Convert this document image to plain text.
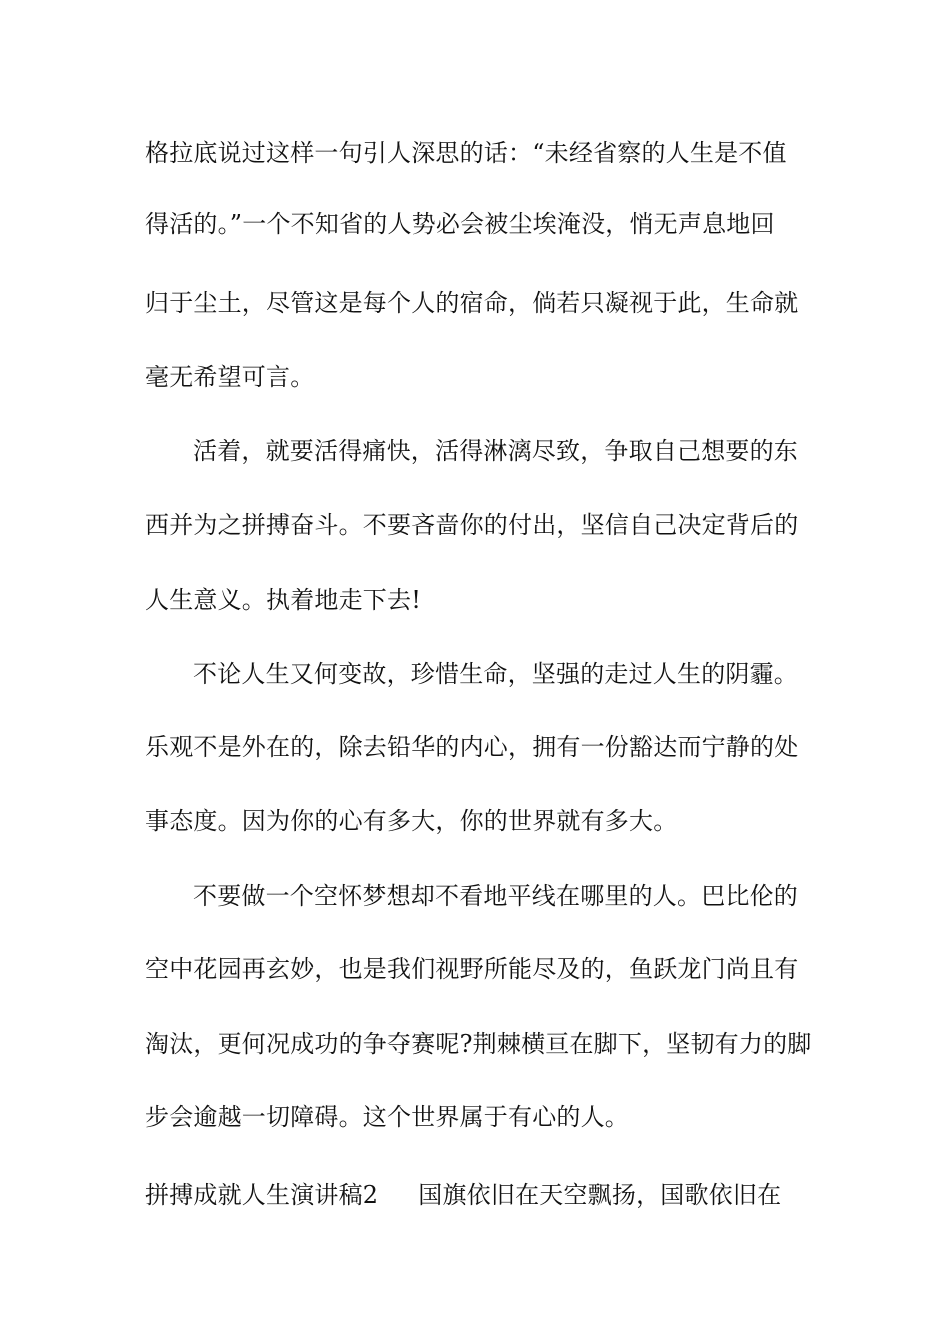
格拉底说过这样一句引人深思的话：“未经省察的人生是不值
得活的。”一个不知省的人势必会被尘埃淹没，悄无声息地回
归于尘土，尽管这是每个人的宿命，倘若只凝视于此，生命就
毫无希望可言。
活着，就要活得痛快，活得淋漓尽致，争取自己想要的东
西并为之拼搏奋斗。不要吝啬你的付出，坚信自己决定背后的
人生意义。执着地走下去!
不论人生又何变故，珍惜生命，坚强的走过人生的阴霾。
乐观不是外在的，除去铅华的内心，拥有一份豁达而宁静的处
事态度。因为你的心有多大，你的世界就有多大。
不要做一个空怀梦想却不看地平线在哪里的人。巴比伦的
空中花园再玄妙，也是我们视野所能尽及的，鱼跃龙门尚且有
淘汰，更何况成功的争夺赛呢?荆棘横亘在脚下，坚韧有力的脚
步会逾越一切障碍。这个世界属于有心的人。
拼搏成就人生演讲稿2 国旗依旧在天空飘扬，国歌依旧在
